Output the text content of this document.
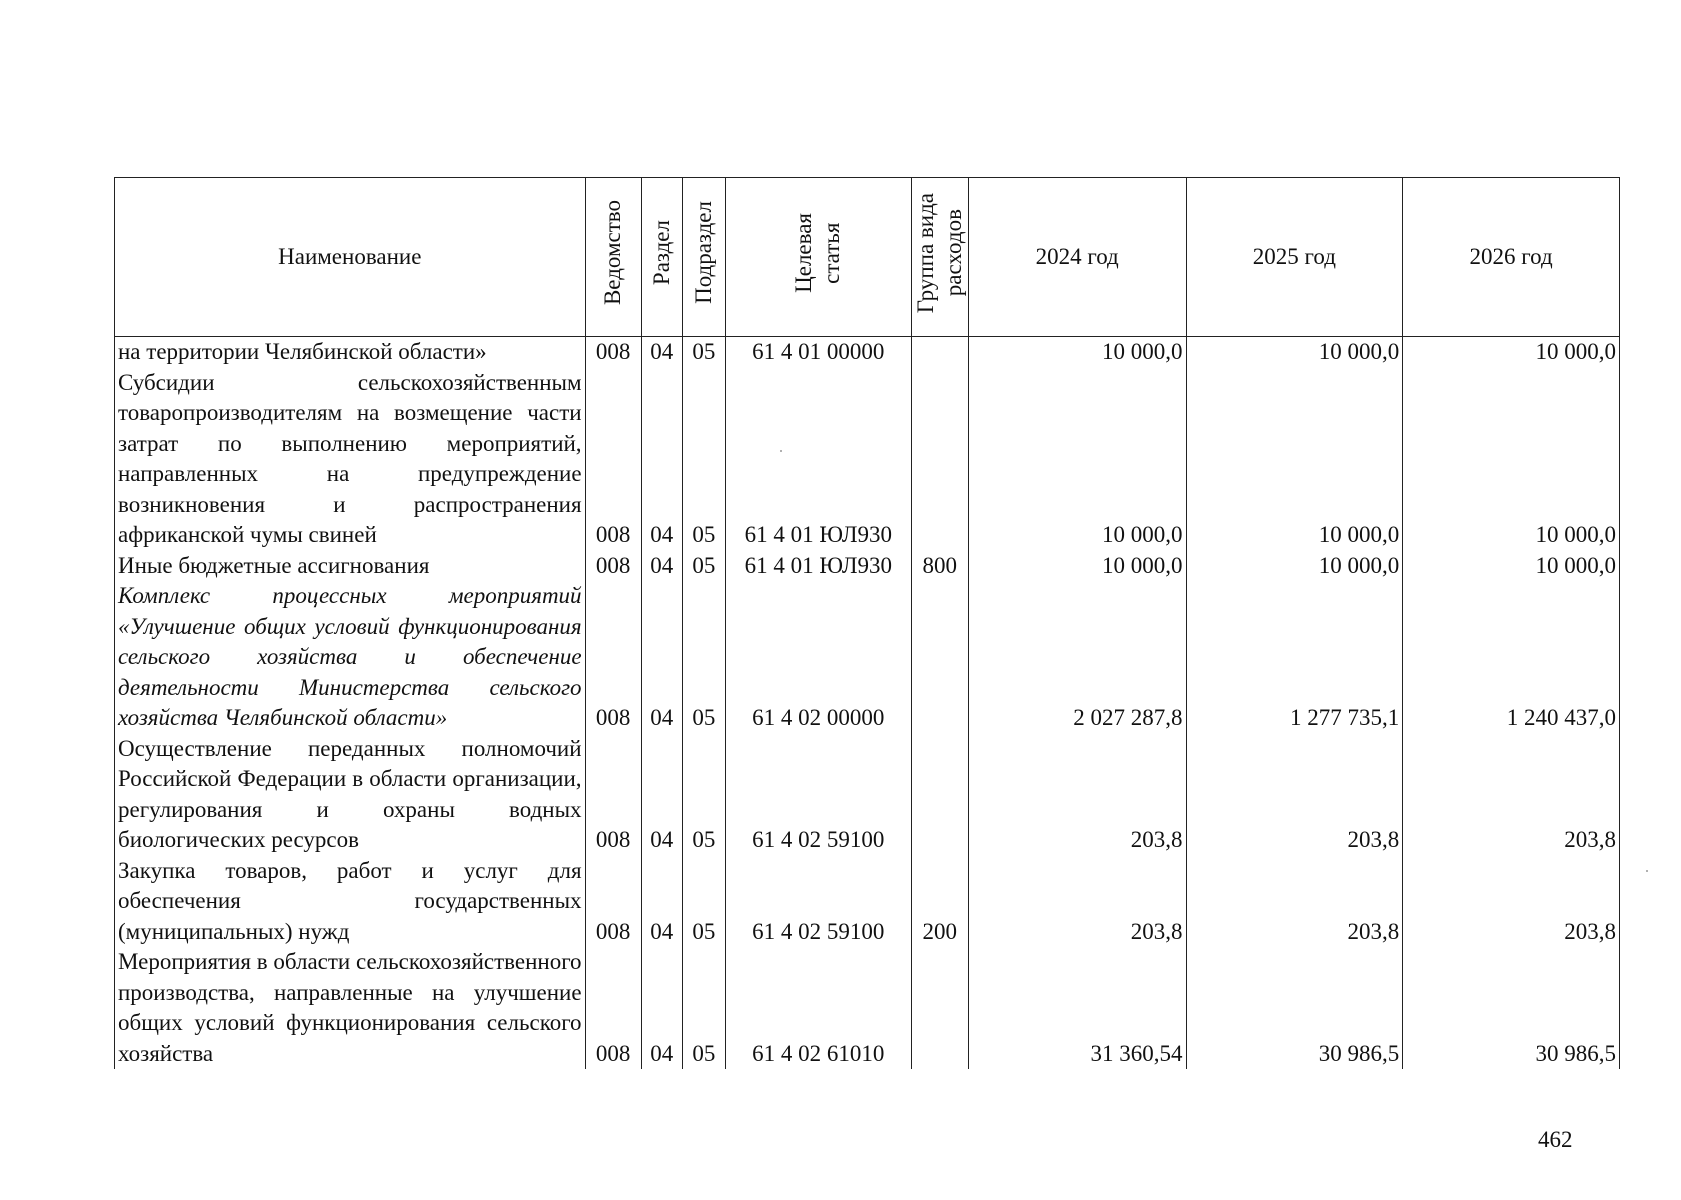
Наименование	Ведомство	Раздел	Подраздел	Целевая статья	Группа вида расходов	2024 год	2025 год	2026 год
на территории Челябинской области»	008	04	05	61 4 01 00000		10 000,0	10 000,0	10 000,0
Субсидии сельскохозяйственным товаропроизводителям на возмещение части затрат по выполнению мероприятий, направленных на предупреждение возникновения и распространения африканской чумы свиней	008	04	05	61 4 01 ЮЛ930		10 000,0	10 000,0	10 000,0
Иные бюджетные ассигнования	008	04	05	61 4 01 ЮЛ930	800	10 000,0	10 000,0	10 000,0
Комплекс процессных мероприятий «Улучшение общих условий функционирования сельского хозяйства и обеспечение деятельности Министерства сельского хозяйства Челябинской области»	008	04	05	61 4 02 00000		2 027 287,8	1 277 735,1	1 240 437,0
Осуществление переданных полномочий Российской Федерации в области организации, регулирования и охраны водных биологических ресурсов	008	04	05	61 4 02 59100		203,8	203,8	203,8
Закупка товаров, работ и услуг для обеспечения государственных (муниципальных) нужд	008	04	05	61 4 02 59100	200	203,8	203,8	203,8
Мероприятия в области сельскохозяйственного производства, направленные на улучшение общих условий функционирования сельского хозяйства	008	04	05	61 4 02 61010		31 360,54	30 986,5	30 986,5
462
